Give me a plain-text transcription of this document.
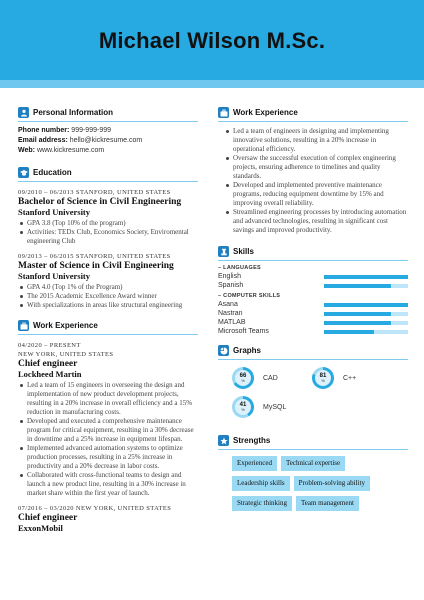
Michael Wilson M.Sc.
Personal Information
Phone number: 999-999-999
Email address: hello@kickresume.com
Web: www.kickresume.com
Education
09/2010 – 06/2013 STANFORD, UNITED STATES
Bachelor of Science in Civil Engineering
Stanford University
GPA 3.8 (Top 10% of the program)
Activities: TEDx Club, Economics Society, Enviromental engineering Club
09/2013 – 06/2015 STANFORD, UNITED STATES
Master of Science in Civil Engineering
Stanford University
GPA 4.0 (Top 1% of the Program)
The 2015 Academic Excellence Award winner
With specializations in areas like structural engineering
Work Experience
04/2020 – PRESENT
NEW YORK, UNITED STATES
Chief engineer
Lockheed Martin
Led a team of 15 engineers in overseeing the design and implementation of new product development projects, resulting in a 20% increase in overall efficiency and a 15% reduction in manufacturing costs.
Developed and executed a comprehensive maintenance program for critical equipment, resulting in a 30% decrease in downtime and a 25% increase in equipment lifespan.
Implemented advanced automation systems to optimize production processes, resulting in a 25% increase in productivity and a 20% decrease in labor costs.
Collaborated with cross-functional teams to design and launch a new product line, resulting in a 30% increase in market share within the first year of launch.
07/2016 – 03/2020 NEW YORK, UNITED STATES
Chief engineer
ExxonMobil
Work Experience
Led a team of engineers in designing and implementing innovative solutions, resulting in a 20% increase in operational efficiency.
Oversaw the successful execution of complex engineering projects, ensuring adherence to timelines and quality standards.
Developed and implemented preventive maintenance programs, reducing equipment downtime by 15% and improving overall reliability.
Streamlined engineering processes by introducing automation and advanced technologies, resulting in significant cost savings and improved productivity.
Skills
– LANGUAGES
English
Spanish
– COMPUTER SKILLS
Asana
Nastran
MATLAB
Microsoft Teams
Graphs
66
%	CAD	81
%	C++
41
%	MySQL
Strengths
Experienced	Technical expertise
Leadership skills	Problem-solving ability
Strategic thinking	Team management
